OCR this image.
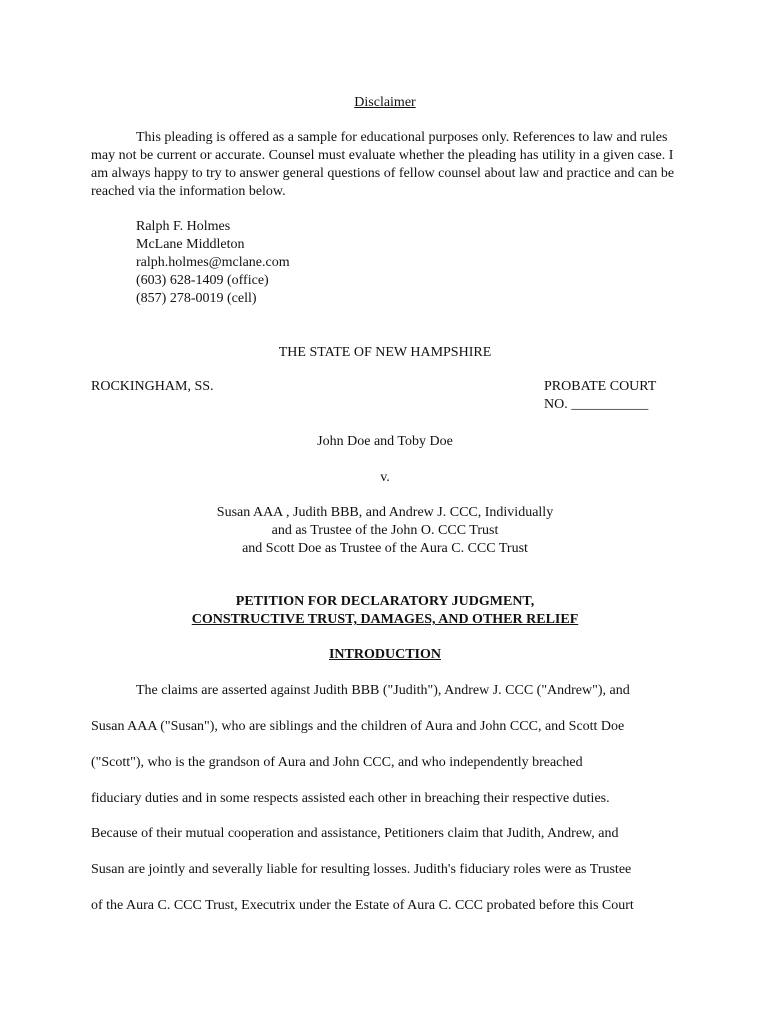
Disclaimer

This pleading is offered as a sample for educational purposes only. References to law and rules may not be current or accurate. Counsel must evaluate whether the pleading has utility in a given case. I am always happy to try to answer general questions of fellow counsel about law and practice and can be reached via the information below.

Ralph F. Holmes
McLane Middleton
ralph.holmes@mclane.com
(603) 628-1409 (office)
(857) 278-0019 (cell)
THE STATE OF NEW HAMPSHIRE
ROCKINGHAM, SS.	PROBATE COURT
NO. ___________
John Doe and Toby Doe
v.
Susan AAA , Judith BBB, and Andrew J. CCC, Individually
and as Trustee of the John O. CCC Trust
and Scott Doe as Trustee of the Aura C. CCC Trust
PETITION FOR DECLARATORY JUDGMENT,
CONSTRUCTIVE TRUST, DAMAGES, AND OTHER RELIEF
INTRODUCTION
The claims are asserted against Judith BBB ("Judith"), Andrew J. CCC ("Andrew"), and
Susan AAA ("Susan"), who are siblings and the children of Aura and John CCC, and Scott Doe
("Scott"), who is the grandson of Aura and John CCC, and who independently breached
fiduciary duties and in some respects assisted each other in breaching their respective duties.
Because of their mutual cooperation and assistance, Petitioners claim that Judith, Andrew, and
Susan are jointly and severally liable for resulting losses. Judith's fiduciary roles were as Trustee
of the Aura C. CCC Trust, Executrix under the Estate of Aura C. CCC probated before this Court
